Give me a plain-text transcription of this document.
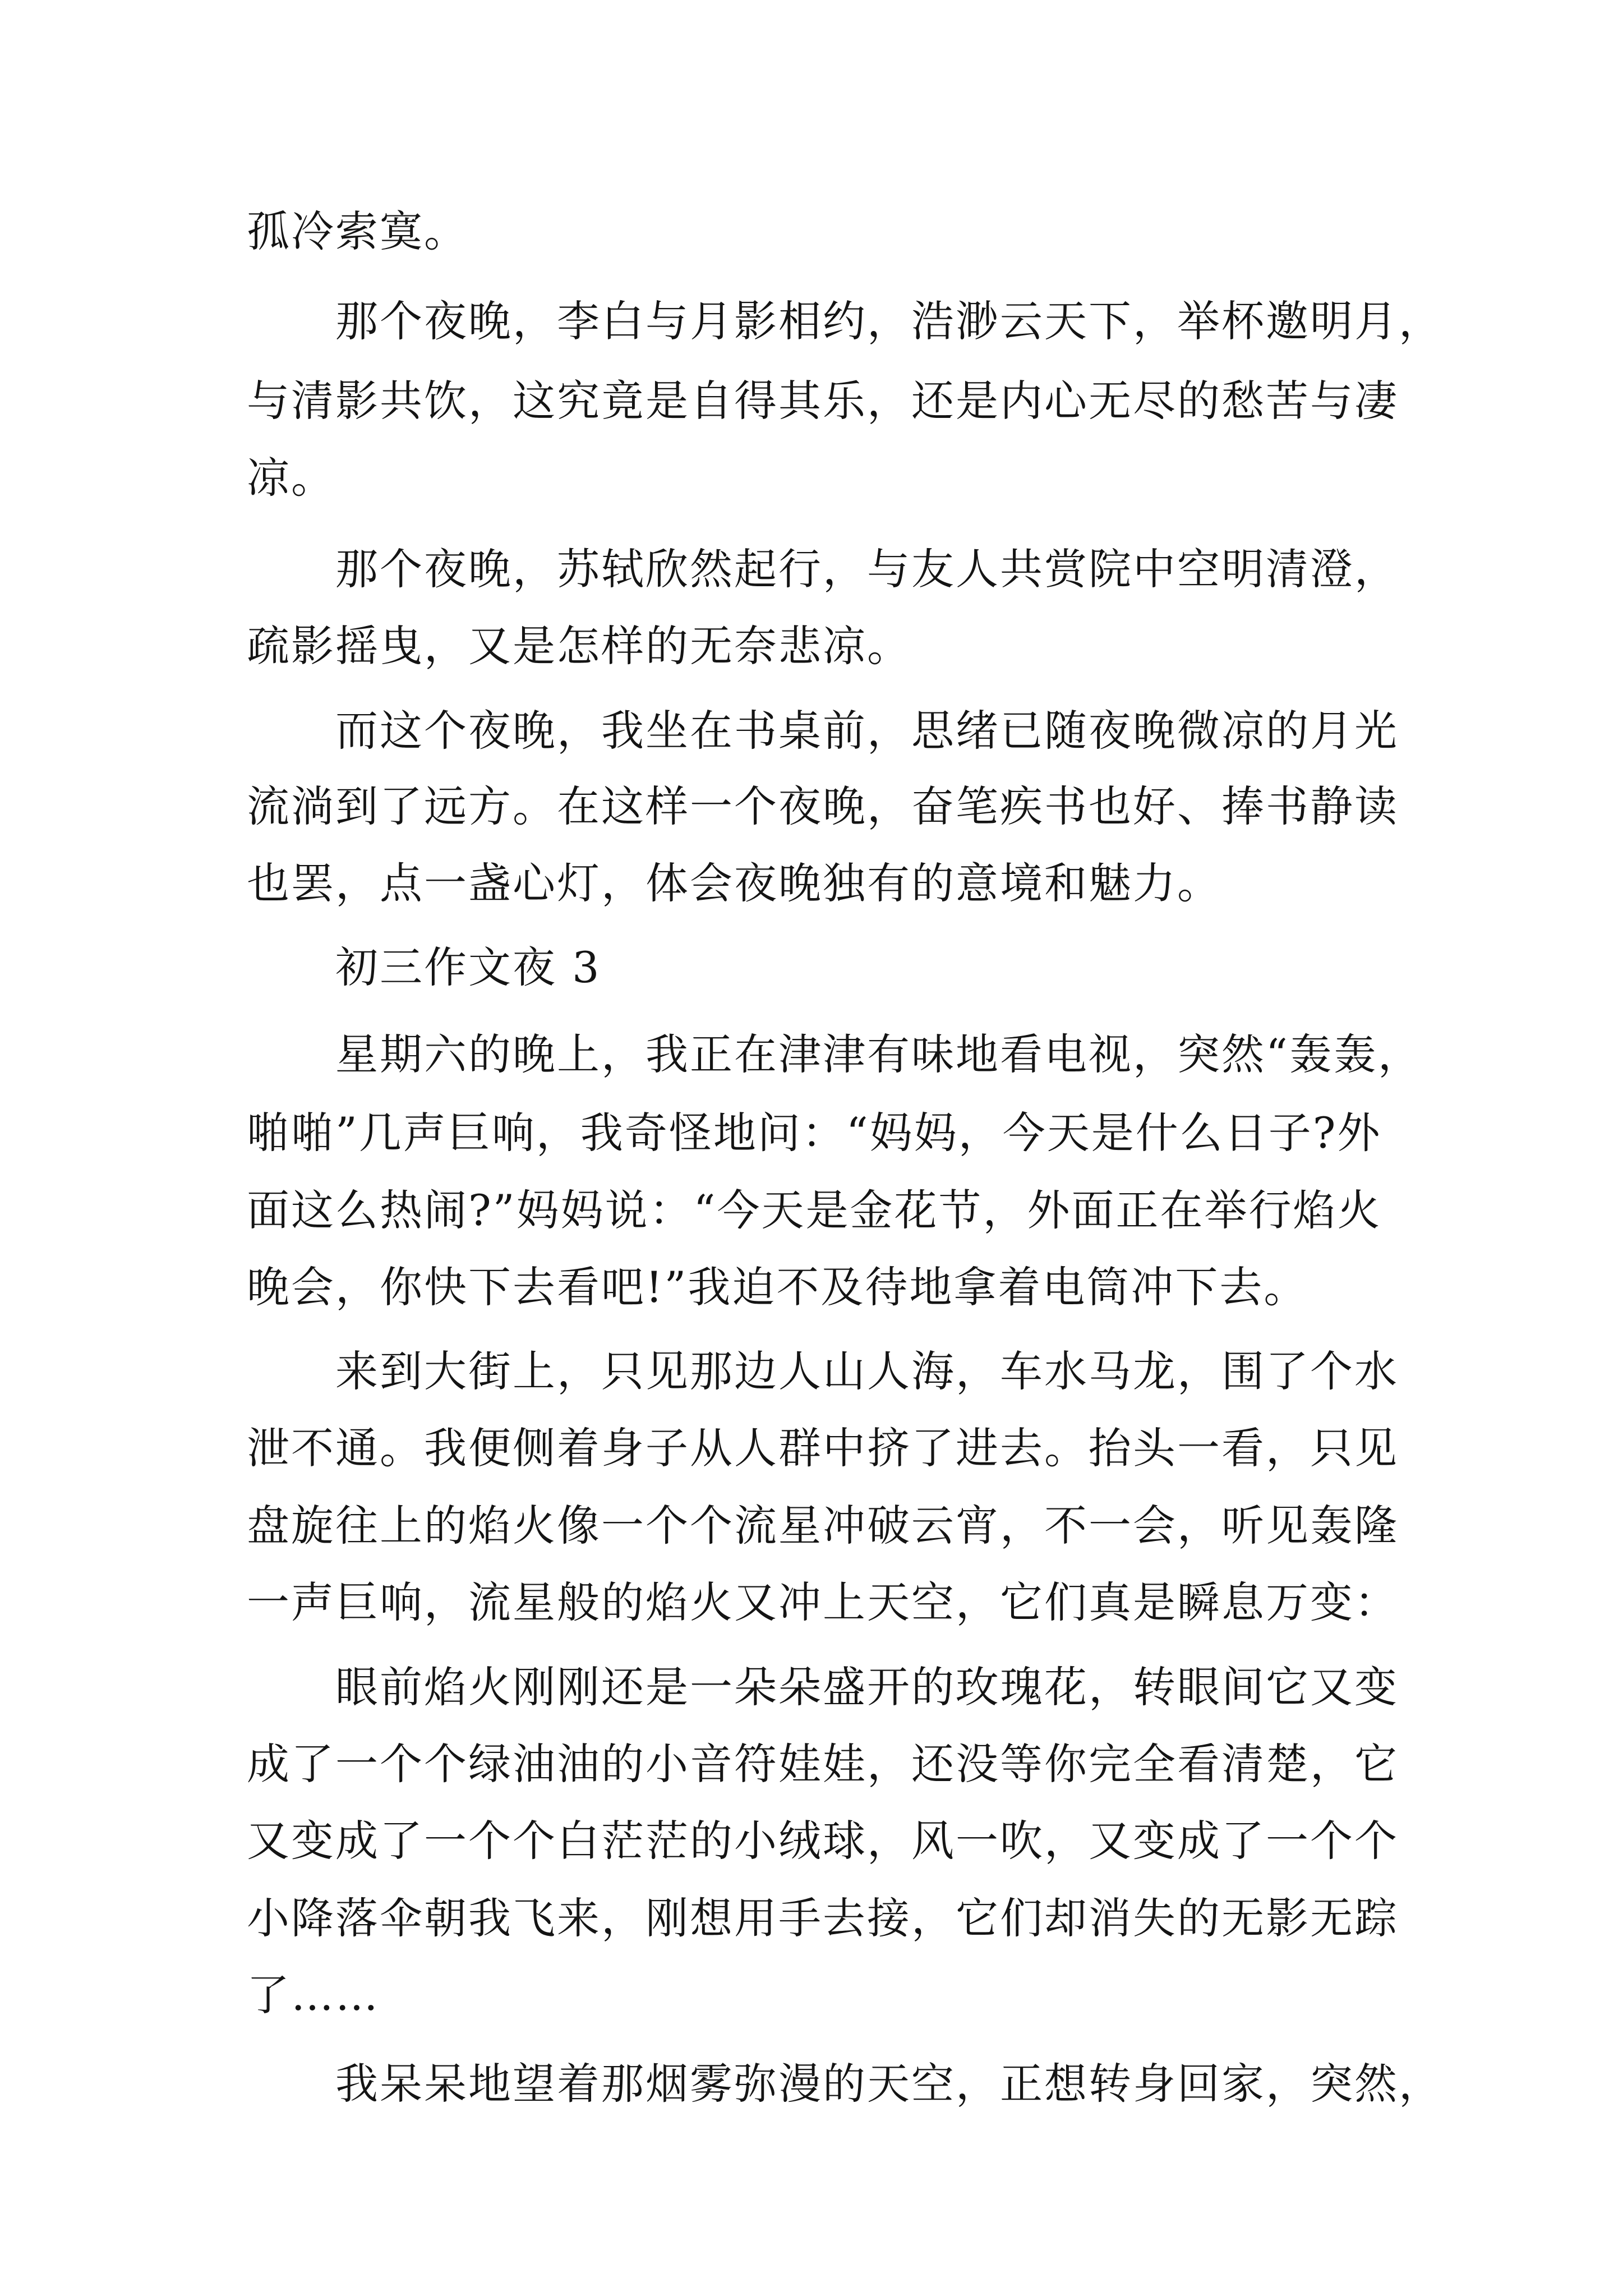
孤冷索寞。
那个夜晚，李白与月影相约，浩渺云天下，举杯邀明月，
与清影共饮，这究竟是自得其乐，还是内心无尽的愁苦与凄
凉。
那个夜晚，苏轼欣然起行，与友人共赏院中空明清澄，
疏影摇曳，又是怎样的无奈悲凉。
而这个夜晚，我坐在书桌前，思绪已随夜晚微凉的月光
流淌到了远方。在这样一个夜晚，奋笔疾书也好、捧书静读
也罢，点一盏心灯，体会夜晚独有的意境和魅力。
初三作文夜 3
星期六的晚上，我正在津津有味地看电视，突然“轰轰，
啪啪”几声巨响，我奇怪地问：“妈妈，今天是什么日子?外
面这么热闹?”妈妈说：“今天是金花节，外面正在举行焰火
晚会，你快下去看吧!”我迫不及待地拿着电筒冲下去。
来到大街上，只见那边人山人海，车水马龙，围了个水
泄不通。我便侧着身子从人群中挤了进去。抬头一看，只见
盘旋往上的焰火像一个个流星冲破云宵，不一会，听见轰隆
一声巨响，流星般的焰火又冲上天空，它们真是瞬息万变：
眼前焰火刚刚还是一朵朵盛开的玫瑰花，转眼间它又变
成了一个个绿油油的小音符娃娃，还没等你完全看清楚，它
又变成了一个个白茫茫的小绒球，风一吹，又变成了一个个
小降落伞朝我飞来，刚想用手去接，它们却消失的无影无踪
了……
我呆呆地望着那烟雾弥漫的天空，正想转身回家，突然，
